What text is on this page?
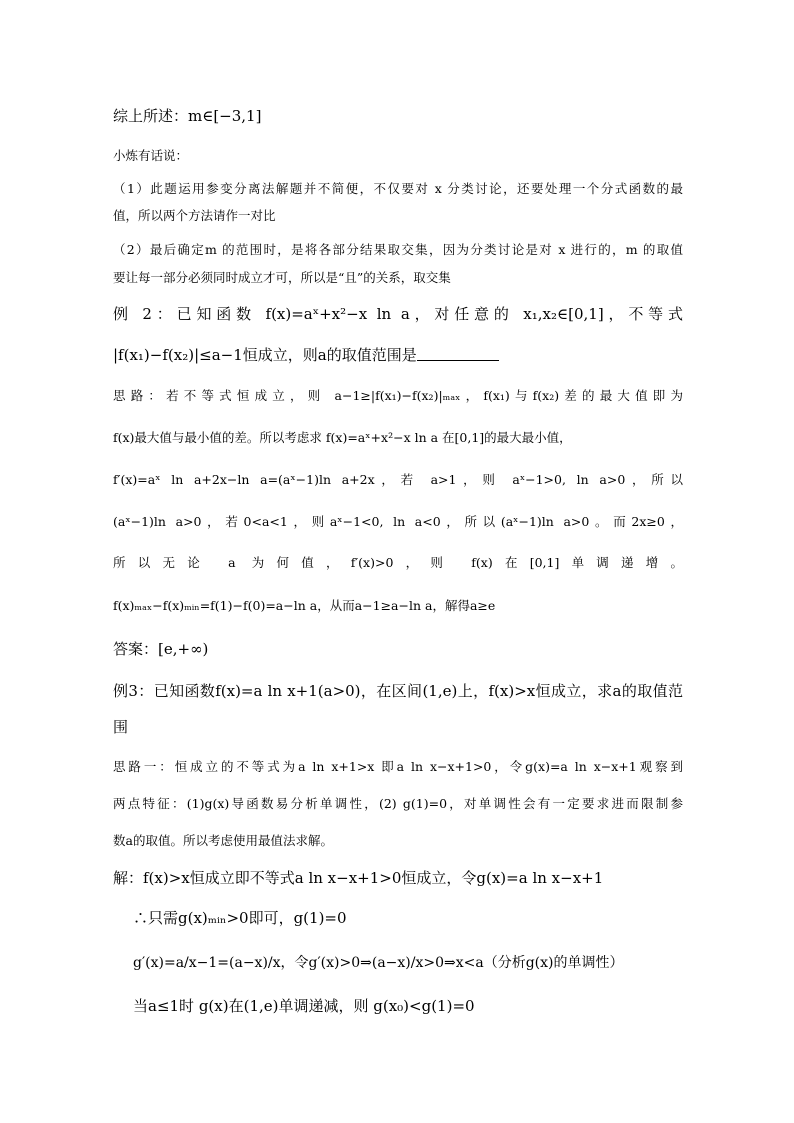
综上所述：m∈[−3,1]
小炼有话说：
（1）此题运用参变分离法解题并不简便，不仅要对 x 分类讨论，还要处理一个分式函数的最
值，所以两个方法请作一对比
（2）最后确定m 的范围时，是将各部分结果取交集，因为分类讨论是对 x 进行的，m 的取值
要让每一部分必须同时成立才可，所以是“且”的关系，取交集
例 2：已知函数 f(x)=aˣ+x²−x ln a，对任意的 x₁,x₂∈[0,1]，不等式
|f(x₁)−f(x₂)|≤a−1恒成立，则a的取值范围是
思路：若不等式恒成立，则 a−1≥|f(x₁)−f(x₂)|ₘₐₓ，f(x₁)与f(x₂)差的最大值即为
f(x)最大值与最小值的差。所以考虑求 f(x)=aˣ+x²−x ln a 在[0,1]的最大最小值，
f′(x)=aˣ ln a+2x−ln a=(aˣ−1)ln a+2x，若 a>1，则 aˣ−1>0, ln a>0，所以
(aˣ−1)ln a>0，若0<a<1，则aˣ−1<0, ln a<0，所以(aˣ−1)ln a>0。而2x≥0，
所以无论 a 为何值，f′(x)>0，则 f(x)在[0,1]单调递增。
f(x)ₘₐₓ−f(x)ₘᵢₙ=f(1)−f(0)=a−ln a，从而a−1≥a−ln a，解得a≥e
答案：[e,+∞)
例3：已知函数f(x)=a ln x+1(a>0)，在区间(1,e)上，f(x)>x恒成立，求a的取值范
围
思路一：恒成立的不等式为a ln x+1>x 即a ln x−x+1>0，令g(x)=a ln x−x+1观察到
两点特征：(1)g(x)导函数易分析单调性，(2) g(1)=0，对单调性会有一定要求进而限制参
数a的取值。所以考虑使用最值法求解。
解：f(x)>x恒成立即不等式a ln x−x+1>0恒成立，令g(x)=a ln x−x+1
∴只需g(x)ₘᵢₙ>0即可，g(1)=0
g′(x)=a/x−1=(a−x)/x，令g′(x)>0⇒(a−x)/x>0⇒x<a（分析g(x)的单调性）
当a≤1时 g(x)在(1,e)单调递减，则 g(x₀)<g(1)=0
